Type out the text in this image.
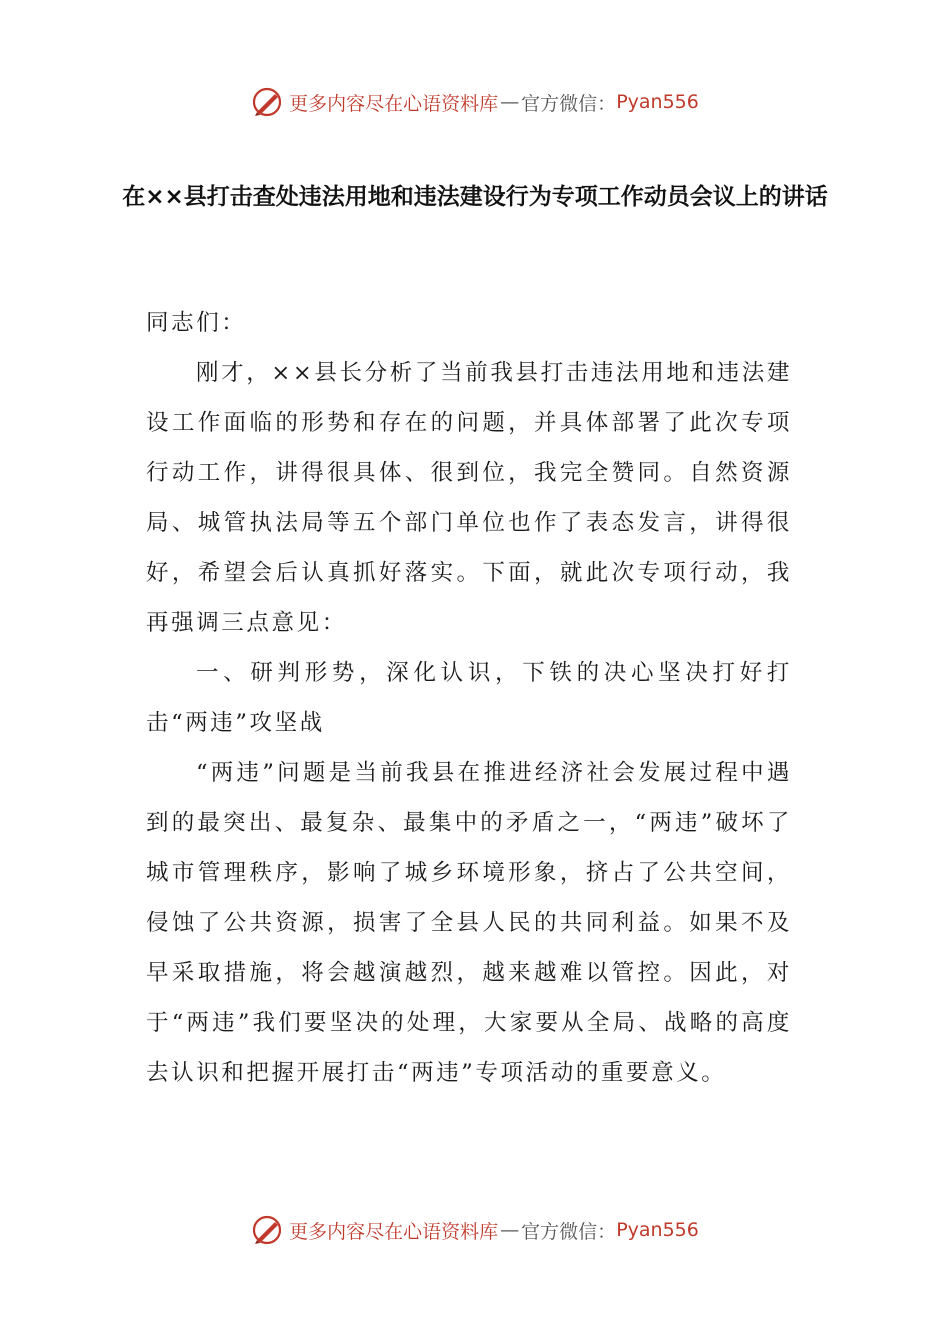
更多内容尽在心语资料库 — 官方微信： Pyan556
在××县打击查处违法用地和违法建设行为专项工作动员会议上的讲话

同志们：

刚才，××县长分析了当前我县打击违法用地和违法建设工作面临的形势和存在的问题，并具体部署了此次专项行动工作，讲得很具体、很到位，我完全赞同。自然资源局、城管执法局等五个部门单位也作了表态发言，讲得很好，希望会后认真抓好落实。下面，就此次专项行动，我再强调三点意见：

一、研判形势，深化认识，下铁的决心坚决打好打击“两违”攻坚战

“两违”问题是当前我县在推进经济社会发展过程中遇到的最突出、最复杂、最集中的矛盾之一，“两违”破坏了城市管理秩序，影响了城乡环境形象，挤占了公共空间，侵蚀了公共资源，损害了全县人民的共同利益。如果不及早采取措施，将会越演越烈，越来越难以管控。因此，对于“两违”我们要坚决的处理，大家要从全局、战略的高度去认识和把握开展打击“两违”专项活动的重要意义。

更多内容尽在心语资料库 — 官方微信： Pyan556
